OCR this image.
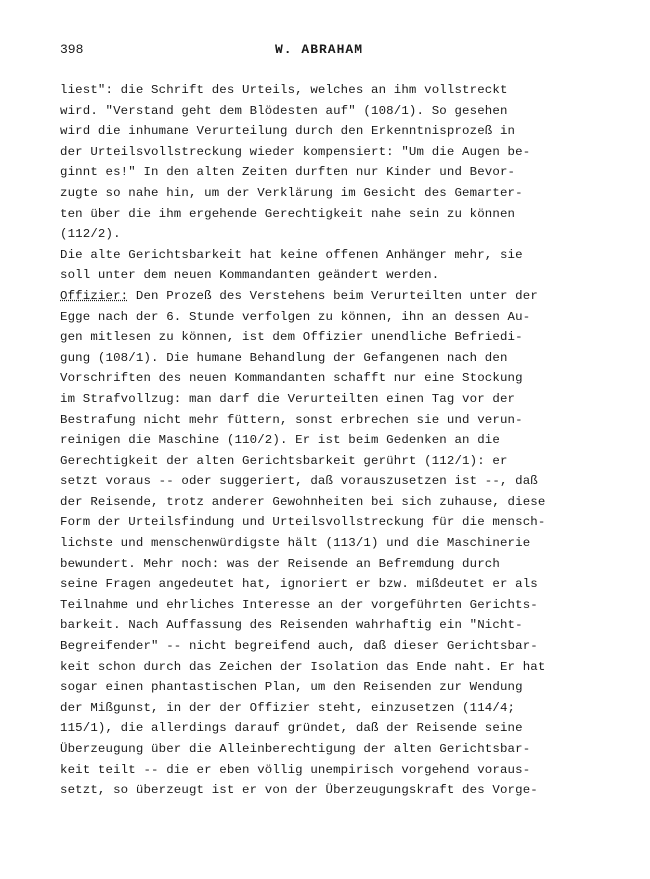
398	W. ABRAHAM
liest": die Schrift des Urteils, welches an ihm vollstreckt
wird. "Verstand geht dem Blödesten auf" (108/1). So gesehen
wird die inhumane Verurteilung durch den Erkenntnisprozeß in
der Urteilsvollstreckung wieder kompensiert: "Um die Augen be-
ginnt es!" In den alten Zeiten durften nur Kinder und Bevor-
zugte so nahe hin, um der Verklärung im Gesicht des Gemarter-
ten über die ihm ergehende Gerechtigkeit nahe sein zu können
(112/2).
Die alte Gerichtsbarkeit hat keine offenen Anhänger mehr, sie
soll unter dem neuen Kommandanten geändert werden.
Offizier: Den Prozeß des Verstehens beim Verurteilten unter der
Egge nach der 6. Stunde verfolgen zu können, ihn an dessen Au-
gen mitlesen zu können, ist dem Offizier unendliche Befriedi-
gung (108/1). Die humane Behandlung der Gefangenen nach den
Vorschriften des neuen Kommandanten schafft nur eine Stockung
im Strafvollzug: man darf die Verurteilten einen Tag vor der
Bestrafung nicht mehr füttern, sonst erbrechen sie und verun-
reinigen die Maschine (110/2). Er ist beim Gedenken an die
Gerechtigkeit der alten Gerichtsbarkeit gerührt (112/1): er
setzt voraus -- oder suggeriert, daß vorauszusetzen ist --, daß
der Reisende, trotz anderer Gewohnheiten bei sich zuhause, diese
Form der Urteilsfindung und Urteilsvollstreckung für die mensch-
lichste und menschenwürdigste hält (113/1) und die Maschinerie
bewundert. Mehr noch: was der Reisende an Befremdung durch
seine Fragen angedeutet hat, ignoriert er bzw. mißdeutet er als
Teilnahme und ehrliches Interesse an der vorgeführten Gerichts-
barkeit. Nach Auffassung des Reisenden wahrhaftig ein "Nicht-
Begreifender" -- nicht begreifend auch, daß dieser Gerichtsbar-
keit schon durch das Zeichen der Isolation das Ende naht. Er hat
sogar einen phantastischen Plan, um den Reisenden zur Wendung
der Mißgunst, in der der Offizier steht, einzusetzen (114/4;
115/1), die allerdings darauf gründet, daß der Reisende seine
Überzeugung über die Alleinberechtigung der alten Gerichtsbar-
keit teilt -- die er eben völlig unempirisch vorgehend voraus-
setzt, so überzeugt ist er von der Überzeugungskraft des Vorge-
